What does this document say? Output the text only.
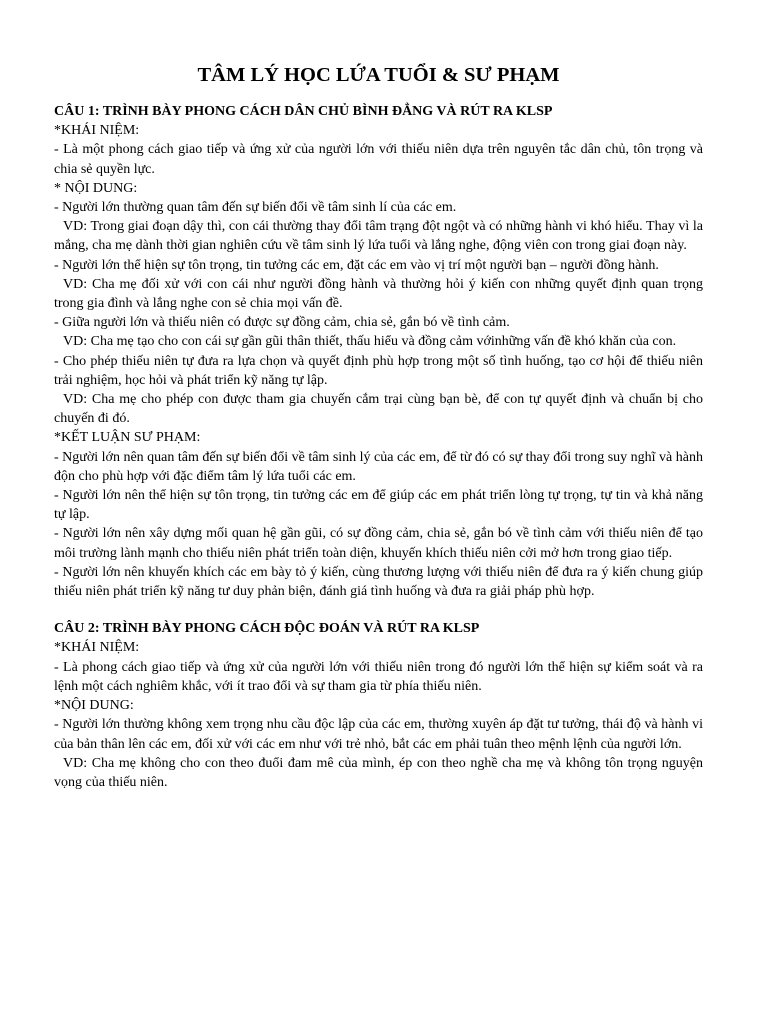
TÂM LÝ HỌC LỨA TUỔI & SƯ PHẠM
CÂU 1: TRÌNH BÀY PHONG CÁCH DÂN CHỦ BÌNH ĐẲNG VÀ RÚT RA KLSP
*KHÁI NIỆM:

- Là một phong cách giao tiếp và ứng xử của người lớn với thiếu niên dựa trên nguyên tắc dân chủ, tôn trọng và chia sẻ quyền lực.

* NỘI DUNG:

- Người lớn thường quan tâm đến sự biến đổi về tâm sinh lí của các em.

VD: Trong giai đoạn dậy thì, con cái thường thay đổi tâm trạng đột ngột và có những hành vi khó hiểu. Thay vì la mắng, cha mẹ dành thời gian nghiên cứu về tâm sinh lý lứa tuổi và lắng nghe, động viên con trong giai đoạn này.

- Người lớn thể hiện sự tôn trọng, tin tưởng các em, đặt các em vào vị trí một người bạn – người đồng hành.

VD: Cha mẹ đối xử với con cái như người đồng hành và thường hỏi ý kiến con những quyết định quan trọng trong gia đình và lắng nghe con sẻ chia mọi vấn đề.

- Giữa người lớn và thiếu niên có được sự đồng cảm, chia sẻ, gắn bó về tình cảm.

VD: Cha mẹ tạo cho con cái sự gần gũi thân thiết, thấu hiểu và đồng cảm vớinhững vấn đề khó khăn của con.

- Cho phép thiếu niên tự đưa ra lựa chọn và quyết định phù hợp trong một số tình huống, tạo cơ hội để thiếu niên trải nghiệm, học hỏi và phát triển kỹ năng tự lập.

VD: Cha mẹ cho phép con được tham gia chuyến cắm trại cùng bạn bè, để con tự quyết định và chuẩn bị cho chuyến đi đó.

*KẾT LUẬN SƯ PHẠM:

- Người lớn nên quan tâm đến sự biến đổi về tâm sinh lý của các em, để từ đó có sự thay đổi trong suy nghĩ và hành độn cho phù hợp với đặc điểm tâm lý lứa tuổi các em.

- Người lớn nên thể hiện sự tôn trọng, tin tưởng các em để giúp các em phát triển lòng tự trọng, tự tin và khả năng tự lập.

- Người lớn nên xây dựng mối quan hệ gần gũi, có sự đồng cảm, chia sẻ, gắn bó về tình cảm với thiếu niên để tạo môi trường lành mạnh cho thiếu niên phát triển toàn diện, khuyến khích thiếu niên cởi mở hơn trong giao tiếp.

- Người lớn nên khuyến khích các em bày tỏ ý kiến, cùng thương lượng với thiếu niên để đưa ra ý kiến chung giúp thiếu niên phát triển kỹ năng tư duy phản biện, đánh giá tình huống và đưa ra giải pháp phù hợp.

CÂU 2: TRÌNH BÀY PHONG CÁCH ĐỘC ĐOÁN VÀ RÚT RA KLSP
*KHÁI NIỆM:

- Là phong cách giao tiếp và ứng xử của người lớn với thiếu niên trong đó người lớn thể hiện sự kiểm soát và ra lệnh một cách nghiêm khắc, với ít trao đổi và sự tham gia từ phía thiếu niên.

*NỘI DUNG:

- Người lớn thường không xem trọng nhu cầu độc lập của các em, thường xuyên áp đặt tư tưởng, thái độ và hành vi của bản thân lên các em, đối xử với các em như với trẻ nhỏ, bắt các em phải tuân theo mệnh lệnh của người lớn.

VD: Cha mẹ không cho con theo đuổi đam mê của mình, ép con theo nghề cha mẹ và không tôn trọng nguyện vọng của thiếu niên.
